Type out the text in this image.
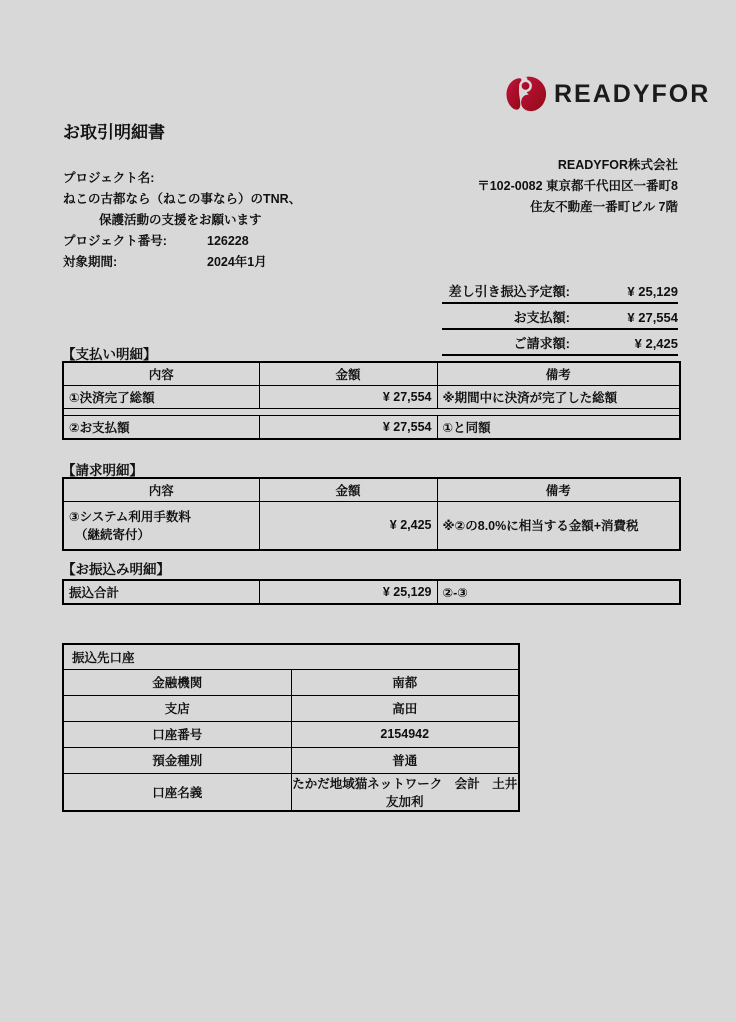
READYFOR
お取引明細書
プロジェクト名:
ねこの古都なら（ねこの事なら）のTNR、
保護活動の支援をお願います
プロジェクト番号:	126228
対象期間:	2024年1月
READYFOR株式会社
〒102-0082 東京都千代田区一番町8
住友不動産一番町ビル 7階
差し引き振込予定額:	¥ 25,129
お支払額:	¥ 27,554
ご請求額:	¥ 2,425
【支払い明細】
内容	金額	備考
①決済完了総額	¥ 27,554	※期間中に決済が完了した総額

②お支払額	¥ 27,554	①と同額
【請求明細】
内容	金額	備考

③システム利用手数料
（継続寄付）	¥ 2,425	※②の8.0%に相当する金額+消費税
【お振込み明細】
振込合計	¥ 25,129	②-③
振込先口座	
金融機関	南都
支店	高田
口座番号	2154942
預金種別	普通
口座名義	たかだ地域猫ネットワーク　会計　土井友加利
